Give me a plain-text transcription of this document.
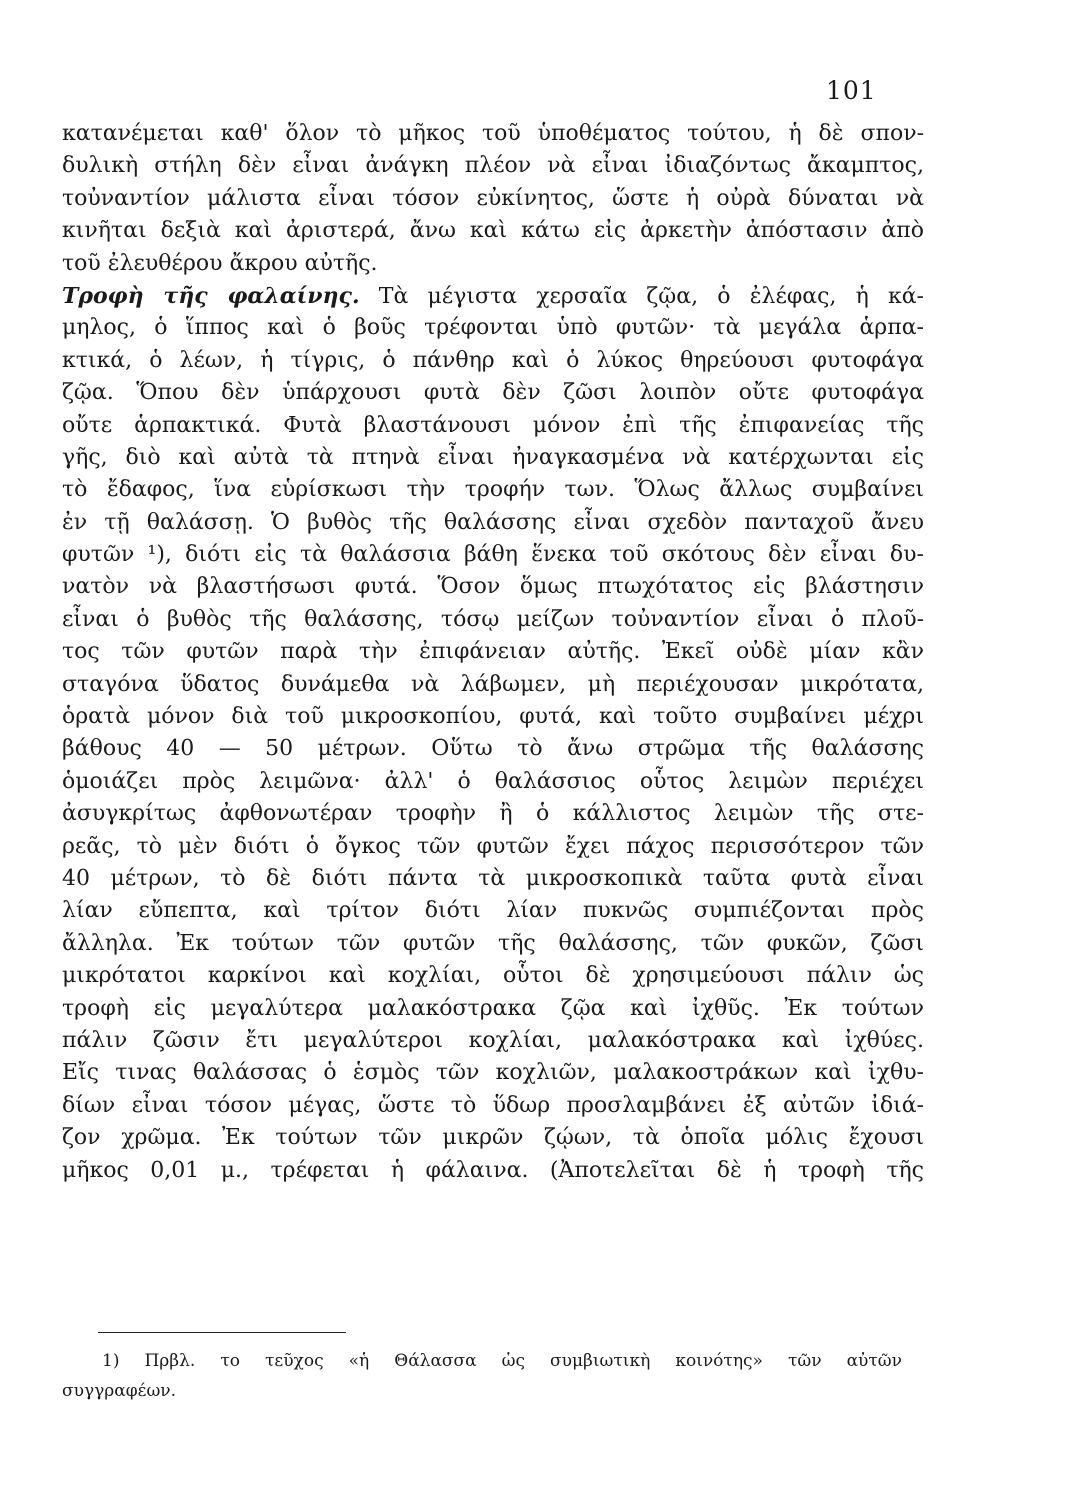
101
κατανέμεται καθ' ὅλον τὸ μῆκος τοῦ ὑποθέματος τούτου, ἡ δὲ σπον-
δυλικὴ στήλη δὲν εἶναι ἀνάγκη πλέον νὰ εἶναι ἰδιαζόντως ἄκαμπτος,
τοὐναντίον μάλιστα εἶναι τόσον εὐκίνητος, ὥστε ἡ οὐρὰ δύναται νὰ
κινῆται δεξιὰ καὶ ἀριστερά, ἄνω καὶ κάτω εἰς ἀρκετὴν ἀπόστασιν ἀπὸ
τοῦ ἐλευθέρου ἄκρου αὐτῆς.
Τροφὴ τῆς φαλαίνης. Τὰ μέγιστα χερσαῖα ζῷα, ὁ ἐλέφας, ἡ κά-
μηλος, ὁ ἵππος καὶ ὁ βοῦς τρέφονται ὑπὸ φυτῶν· τὰ μεγάλα ἁρπα-
κτικά, ὁ λέων, ἡ τίγρις, ὁ πάνθηρ καὶ ὁ λύκος θηρεύουσι φυτοφάγα
ζῷα. Ὅπου δὲν ὑπάρχουσι φυτὰ δὲν ζῶσι λοιπὸν οὔτε φυτοφάγα
οὔτε ἁρπακτικά. Φυτὰ βλαστάνουσι μόνον ἐπὶ τῆς ἐπιφανείας τῆς
γῆς, διὸ καὶ αὐτὰ τὰ πτηνὰ εἶναι ἠναγκασμένα νὰ κατέρχωνται εἰς
τὸ ἔδαφος, ἵνα εὑρίσκωσι τὴν τροφήν των. Ὅλως ἄλλως συμβαίνει
ἐν τῇ θαλάσσῃ. Ὁ βυθὸς τῆς θαλάσσης εἶναι σχεδὸν πανταχοῦ ἄνευ
φυτῶν ¹), διότι εἰς τὰ θαλάσσια βάθη ἕνεκα τοῦ σκότους δὲν εἶναι δυ-
νατὸν νὰ βλαστήσωσι φυτά. Ὅσον ὅμως πτωχότατος εἰς βλάστησιν
εἶναι ὁ βυθὸς τῆς θαλάσσης, τόσῳ μείζων τοὐναντίον εἶναι ὁ πλοῦ-
τος τῶν φυτῶν παρὰ τὴν ἐπιφάνειαν αὐτῆς. Ἐκεῖ οὐδὲ μίαν κἂν
σταγόνα ὕδατος δυνάμεθα νὰ λάβωμεν, μὴ περιέχουσαν μικρότατα,
ὁρατὰ μόνον διὰ τοῦ μικροσκοπίου, φυτά, καὶ τοῦτο συμβαίνει μέχρι
βάθους 40 — 50 μέτρων. Οὕτω τὸ ἄνω στρῶμα τῆς θαλάσσης
ὁμοιάζει πρὸς λειμῶνα· ἀλλ' ὁ θαλάσσιος οὗτος λειμὼν περιέχει
ἀσυγκρίτως ἀφθονωτέραν τροφὴν ἢ ὁ κάλλιστος λειμὼν τῆς στε-
ρεᾶς, τὸ μὲν διότι ὁ ὄγκος τῶν φυτῶν ἔχει πάχος περισσότερον τῶν
40 μέτρων, τὸ δὲ διότι πάντα τὰ μικροσκοπικὰ ταῦτα φυτὰ εἶναι
λίαν εὔπεπτα, καὶ τρίτον διότι λίαν πυκνῶς συμπιέζονται πρὸς
ἄλληλα. Ἐκ τούτων τῶν φυτῶν τῆς θαλάσσης, τῶν φυκῶν, ζῶσι
μικρότατοι καρκίνοι καὶ κοχλίαι, οὗτοι δὲ χρησιμεύουσι πάλιν ὡς
τροφὴ εἰς μεγαλύτερα μαλακόστρακα ζῷα καὶ ἰχθῦς. Ἐκ τούτων
πάλιν ζῶσιν ἔτι μεγαλύτεροι κοχλίαι, μαλακόστρακα καὶ ἰχθύες.
Εἴς τινας θαλάσσας ὁ ἑσμὸς τῶν κοχλιῶν, μαλακοστράκων καὶ ἰχθυ-
δίων εἶναι τόσον μέγας, ὥστε τὸ ὕδωρ προσλαμβάνει ἐξ αὐτῶν ἰδιά-
ζον χρῶμα. Ἐκ τούτων τῶν μικρῶν ζῴων, τὰ ὁποῖα μόλις ἔχουσι
μῆκος 0,01 μ., τρέφεται ἡ φάλαινα. (Ἀποτελεῖται δὲ ἡ τροφὴ τῆς
1) Πρβλ. το τεῦχος «ἡ Θάλασσα ὡς συμβιωτικὴ κοινότης» τῶν αὐτῶν
συγγραφέων.
